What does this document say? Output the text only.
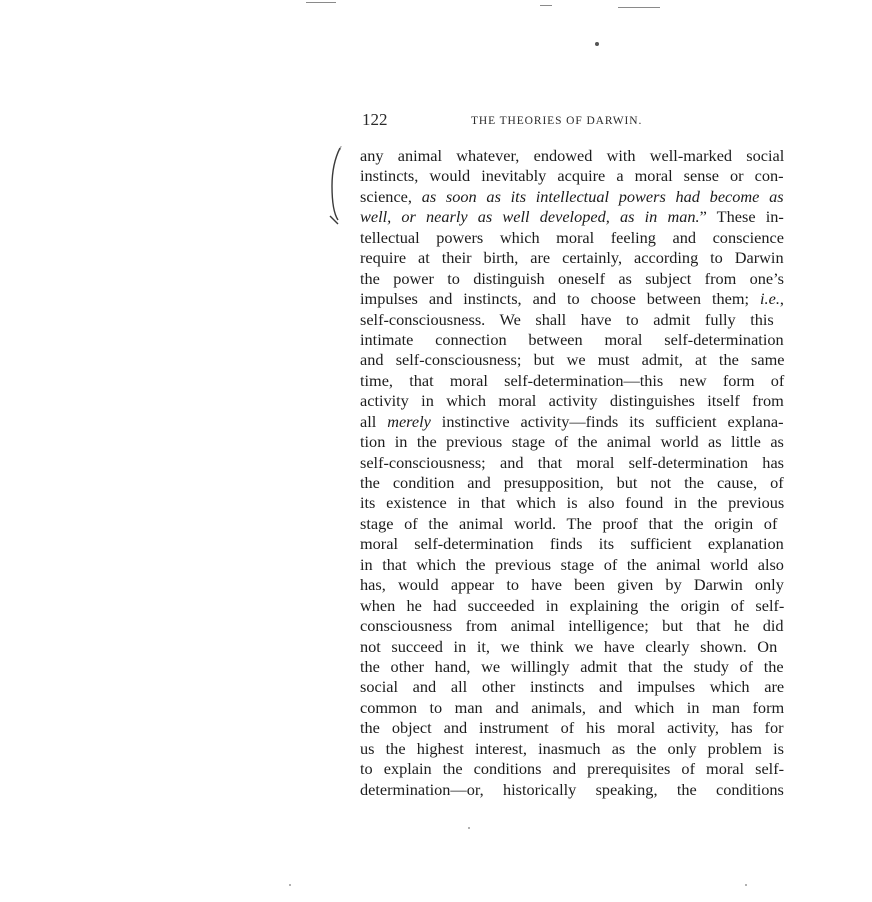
122	THE THEORIES OF DARWIN.
any animal whatever, endowed with well-marked social
instincts, would inevitably acquire a moral sense or con-
science, as soon as its intellectual powers had become as
well, or nearly as well developed, as in man.” These in-
tellectual powers which moral feeling and conscience
require at their birth, are certainly, according to Darwin
the power to distinguish oneself as subject from one’s
impulses and instincts, and to choose between them; i.e.,
self-consciousness. We shall have to admit fully this
intimate connection between moral self-determination
and self-consciousness; but we must admit, at the same
time, that moral self-determination—this new form of
activity in which moral activity distinguishes itself from
all merely instinctive activity—finds its sufficient explana-
tion in the previous stage of the animal world as little as
self-consciousness; and that moral self-determination has
the condition and presupposition, but not the cause, of
its existence in that which is also found in the previous
stage of the animal world. The proof that the origin of
moral self-determination finds its sufficient explanation
in that which the previous stage of the animal world also
has, would appear to have been given by Darwin only
when he had succeeded in explaining the origin of self-
consciousness from animal intelligence; but that he did
not succeed in it, we think we have clearly shown. On
the other hand, we willingly admit that the study of the
social and all other instincts and impulses which are
common to man and animals, and which in man form
the object and instrument of his moral activity, has for
us the highest interest, inasmuch as the only problem is
to explain the conditions and prerequisites of moral self-
determination—or, historically speaking, the conditions
